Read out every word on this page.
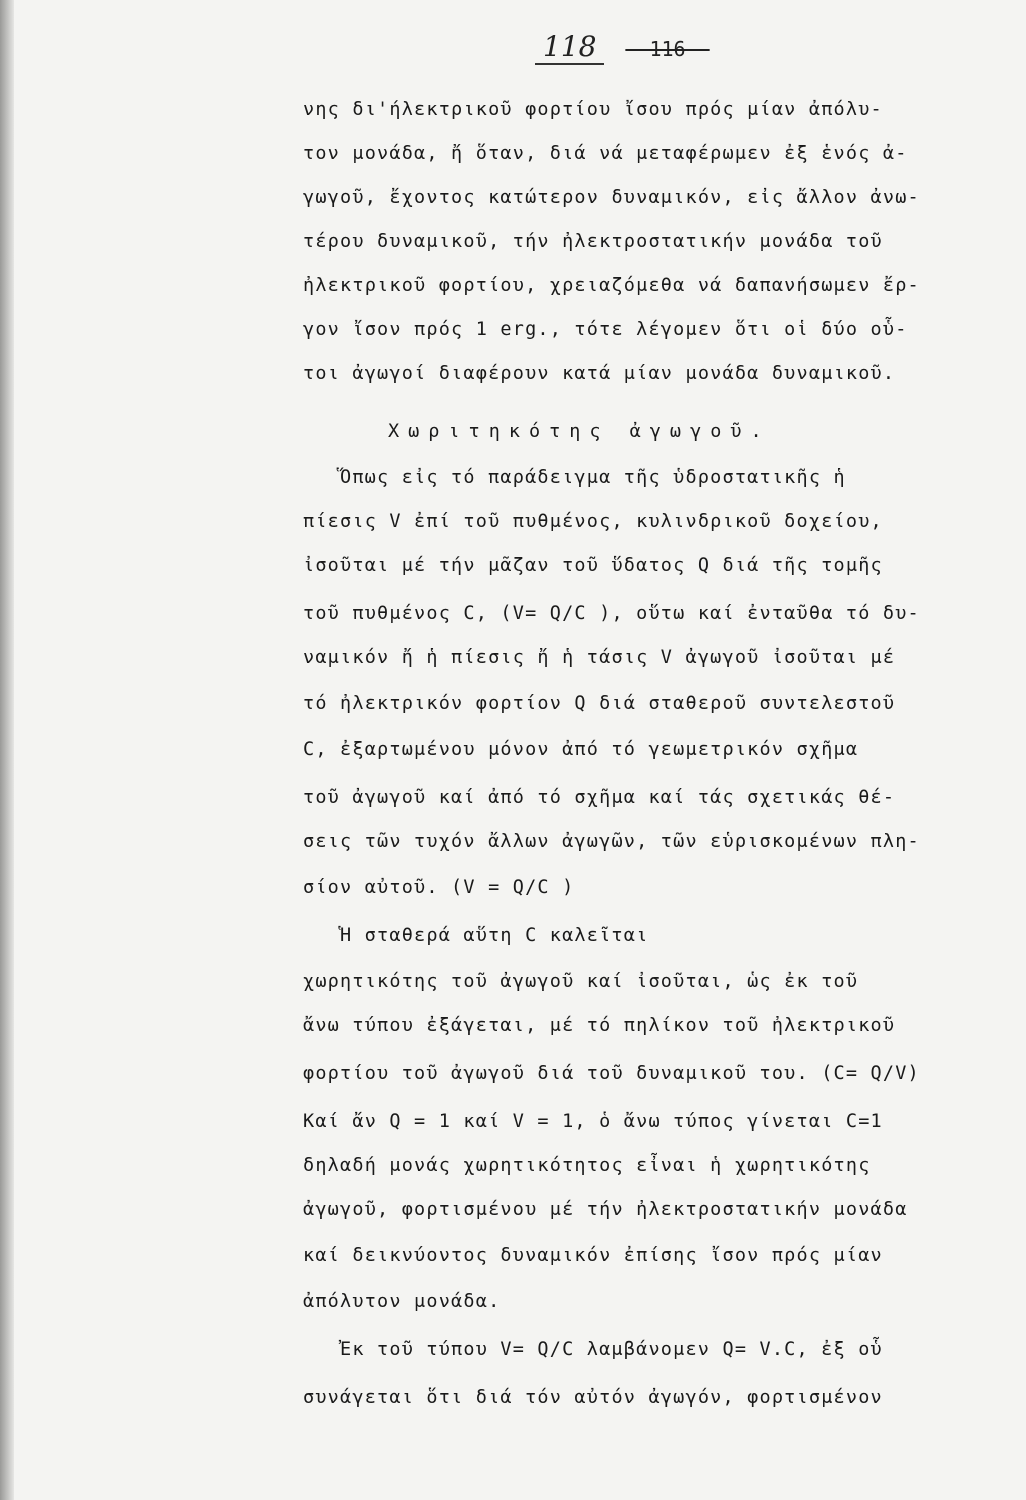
118 - 116 -
νης δι'ήλεκτρικοῦ φορτίου ἴσου πρός μίαν ἀπόλυ-
τον μονάδα, ἤ ὅταν, διά νά μεταφέρωμεν ἐξ ἑνός ἀ-
γωγοῦ, ἔχοντος κατώτερον δυναμικόν, εἰς ἄλλον ἀνω-
τέρου δυναμικοῦ, τήν ἠλεκτροστατικήν μονάδα τοῦ
ἠλεκτρικοῦ φορτίου, χρειαζόμεθα νά δαπανήσωμεν ἔρ-
γον ἴσον πρός 1 erg., τότε λέγομεν ὅτι οἱ δύο οὗ-
τοι ἀγωγοί διαφέρουν κατά μίαν μονάδα δυναμικοῦ.
Χωριτηκότης ἀγωγοῦ.
Ὅπως εἰς τό παράδειγμα τῆς ὑδροστατικῆς ἡ
πίεσις V ἐπί τοῦ πυθμένος, κυλινδρικοῦ δοχείου,
ἰσοῦται μέ τήν μᾶζαν τοῦ ὕδατος Q διά τῆς τομῆς
τοῦ πυθμένος C, (V= Q/C ), οὕτω καί ἐνταῦθα τό δυ-
ναμικόν ἤ ἡ πίεσις ἤ ἡ τάσις V ἀγωγοῦ ἰσοῦται μέ
τό ἠλεκτρικόν φορτίον Q διά σταθεροῦ συντελεστοῦ
C, ἐξαρτωμένου μόνον ἀπό τό γεωμετρικόν σχῆμα
τοῦ ἀγωγοῦ καί ἀπό τό σχῆμα καί τάς σχετικάς θέ-
σεις τῶν τυχόν ἄλλων ἀγωγῶν, τῶν εὑρισκομένων πλη-
σίον αὐτοῦ. (V = Q/C )
Ἡ σταθερά αὕτη C καλεῖται
χωρητικότης τοῦ ἀγωγοῦ καί ἰσοῦται, ὡς ἐκ τοῦ
ἄνω τύπου ἐξάγεται, μέ τό πηλίκον τοῦ ἠλεκτρικοῦ
φορτίου τοῦ ἀγωγοῦ διά τοῦ δυναμικοῦ του. (C= Q/V)
Καί ἄν Q = 1 καί V = 1, ὁ ἄνω τύπος γίνεται C=1
δηλαδή μονάς χωρητικότητος εἶναι ἡ χωρητικότης
ἀγωγοῦ, φορτισμένου μέ τήν ἠλεκτροστατικήν μονάδα
καί δεικνύοντος δυναμικόν ἐπίσης ἴσον πρός μίαν
ἀπόλυτον μονάδα.
Ἐκ τοῦ τύπου V= Q/C λαμβάνομεν Q= V.C, ἐξ οὗ
συνάγεται ὅτι διά τόν αὐτόν ἀγωγόν, φορτισμένον
